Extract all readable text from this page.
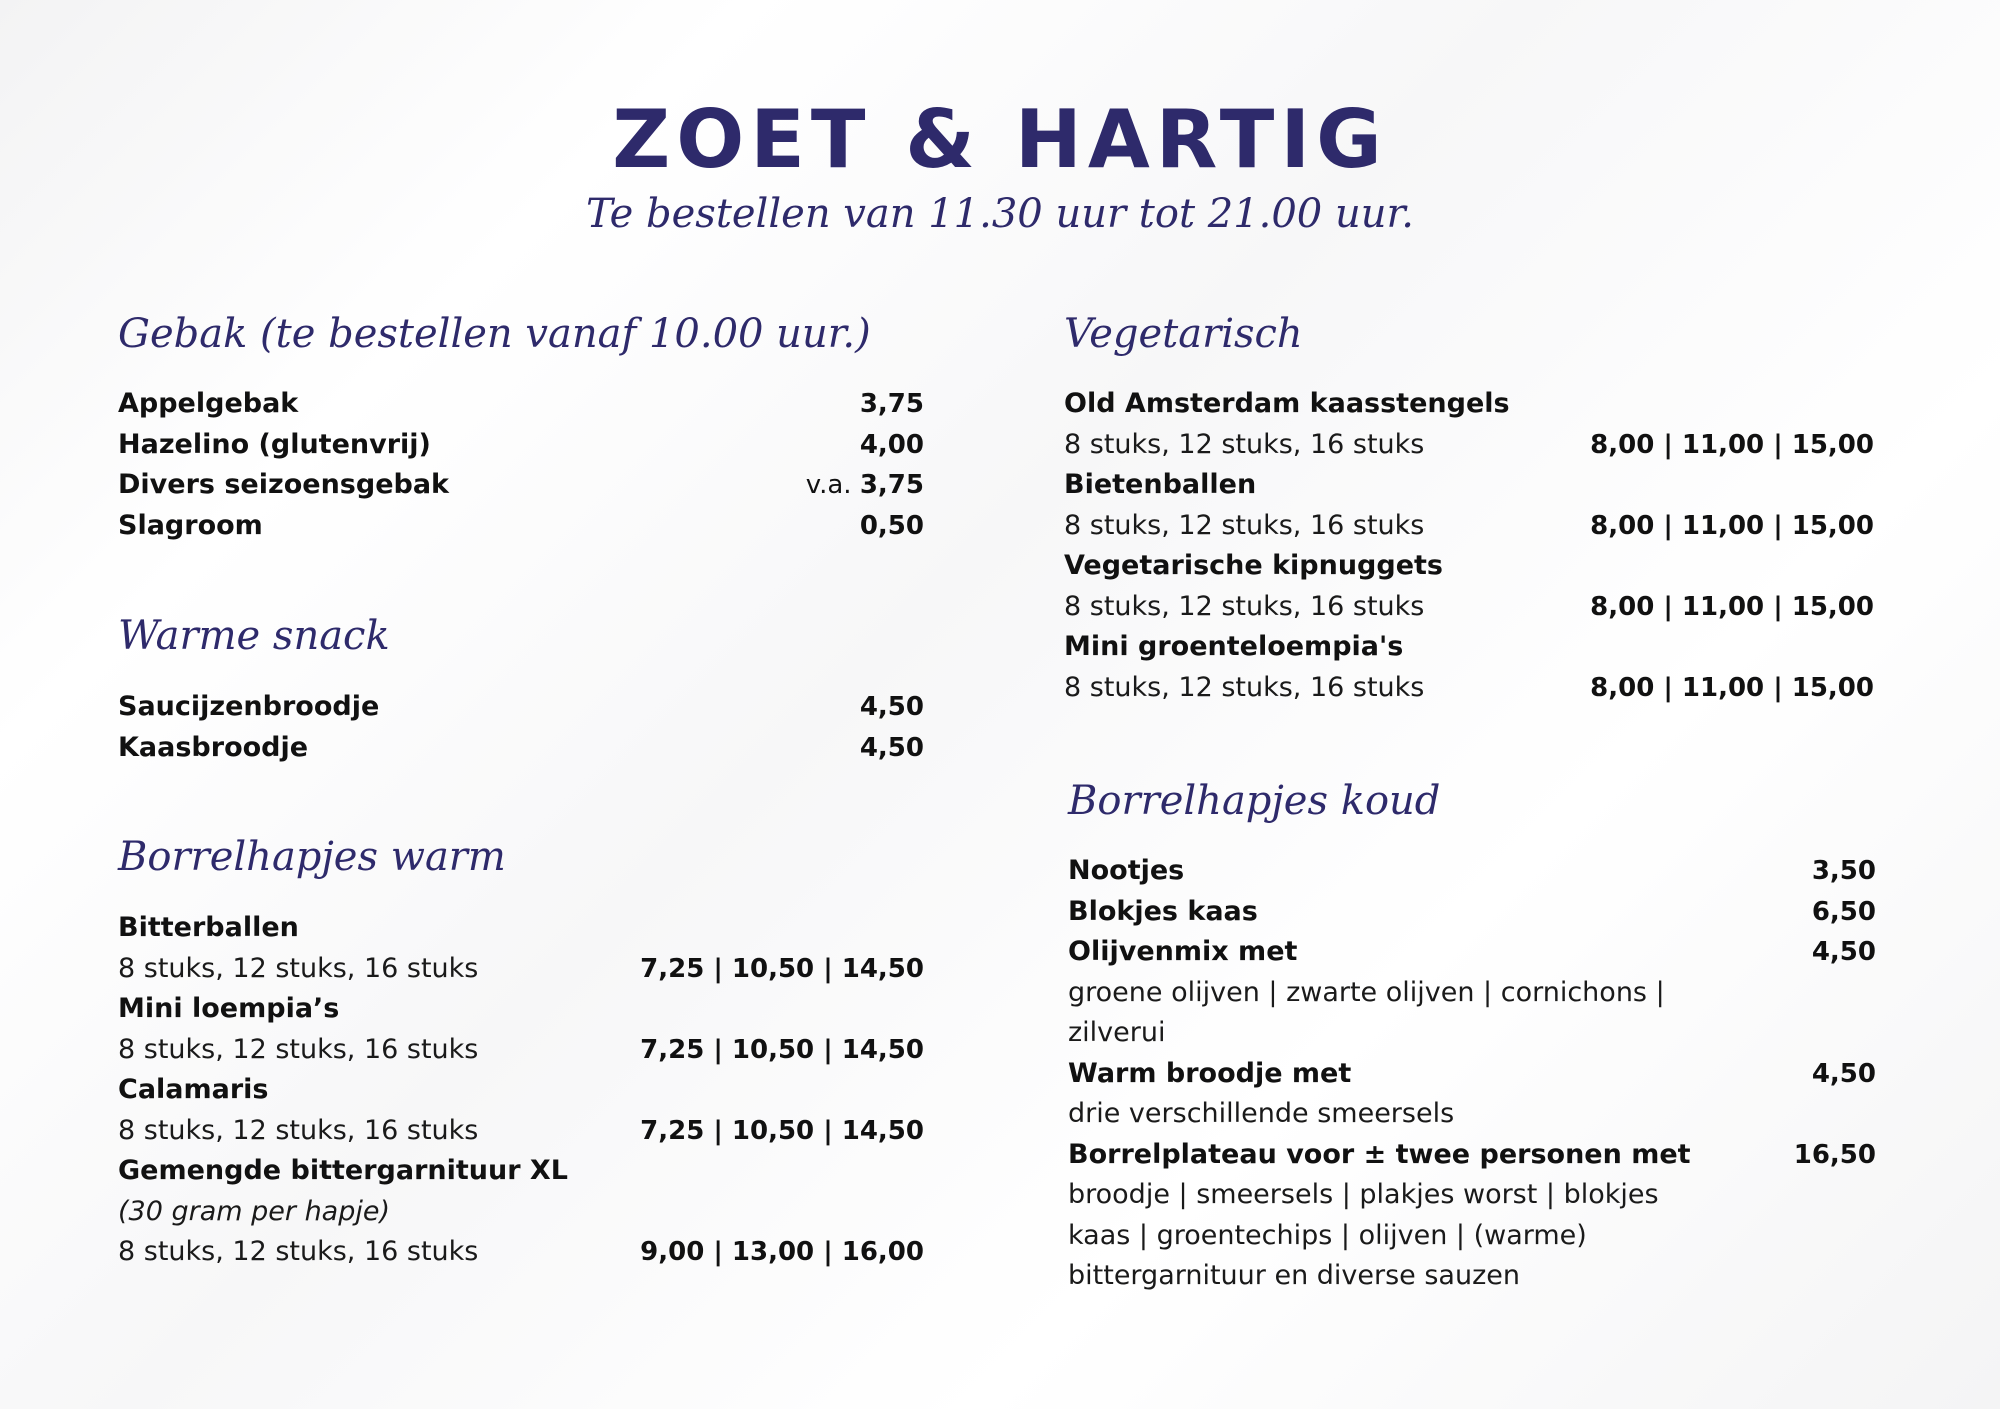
ZOET & HARTIG
Te bestellen van 11.30 uur tot 21.00 uur.
Gebak (te bestellen vanaf 10.00 uur.)
Appelgebak	3,75
Hazelino (glutenvrij)	4,00
Divers seizoensgebak	v.a. 3,75
Slagroom	0,50
Warme snack
Saucijzenbroodje	4,50
Kaasbroodje	4,50
Borrelhapjes warm
Bitterballen
8 stuks, 12 stuks, 16 stuks	7,25 | 10,50 | 14,50
Mini loempia’s
8 stuks, 12 stuks, 16 stuks	7,25 | 10,50 | 14,50
Calamaris
8 stuks, 12 stuks, 16 stuks	7,25 | 10,50 | 14,50
Gemengde bittergarnituur XL
(30 gram per hapje)
8 stuks, 12 stuks, 16 stuks	9,00 | 13,00 | 16,00
Vegetarisch
Old Amsterdam kaasstengels
8 stuks, 12 stuks, 16 stuks	8,00 | 11,00 | 15,00
Bietenballen
8 stuks, 12 stuks, 16 stuks	8,00 | 11,00 | 15,00
Vegetarische kipnuggets
8 stuks, 12 stuks, 16 stuks	8,00 | 11,00 | 15,00
Mini groenteloempia's
8 stuks, 12 stuks, 16 stuks	8,00 | 11,00 | 15,00
Borrelhapjes koud
Nootjes	3,50
Blokjes kaas	6,50
Olijvenmix met	4,50
groene olijven | zwarte olijven | cornichons |
zilverui
Warm broodje met	4,50
drie verschillende smeersels
Borrelplateau voor ± twee personen met	16,50
broodje | smeersels | plakjes worst | blokjes
kaas | groentechips | olijven | (warme)
bittergarnituur en diverse sauzen
